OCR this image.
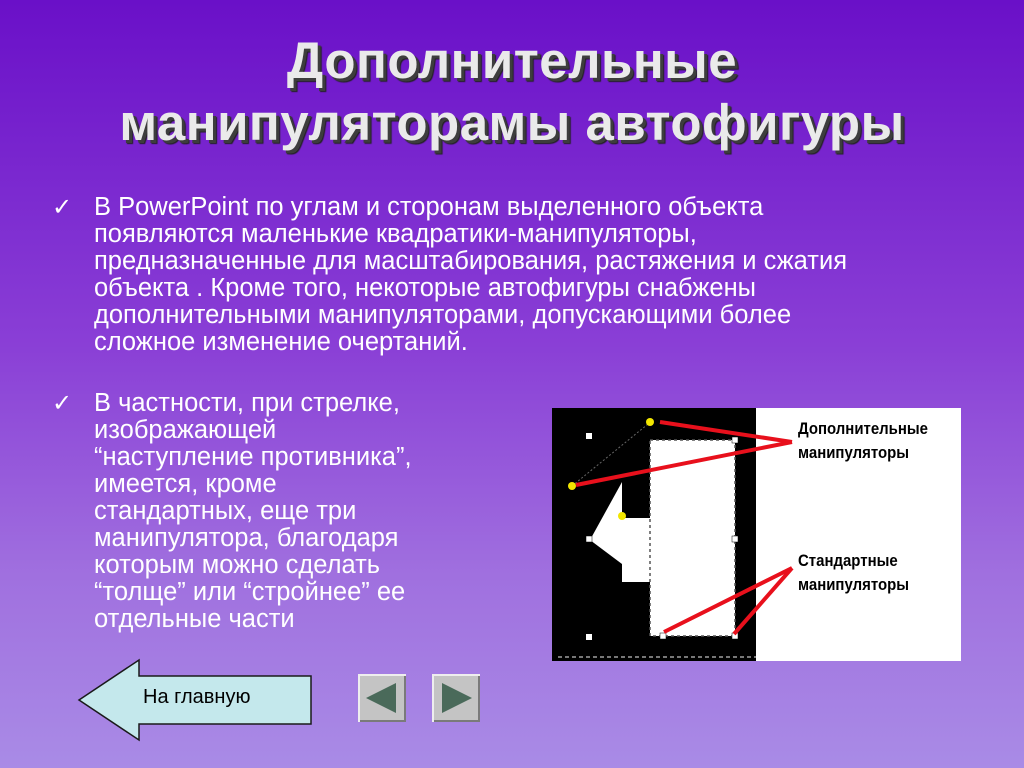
Дополнительные
манипуляторамы автофигуры
✓ В PowerPoint по углам и сторонам выделенного объекта
появляются маленькие квадратики-манипуляторы,
предназначенные для масштабирования, растяжения и сжатия
объекта . Кроме того, некоторые автофигуры снабжены
дополнительными манипуляторами, допускающими более
сложное изменение очертаний.
✓ В частности, при стрелке,
изображающей
“наступление противника”,
имеется, кроме
стандартных, еще три
манипулятора, благодаря
которым можно сделать
“толще” или “стройнее” ее
отдельные части
Дополнительные
манипуляторы
Стандартные
манипуляторы
На главную
